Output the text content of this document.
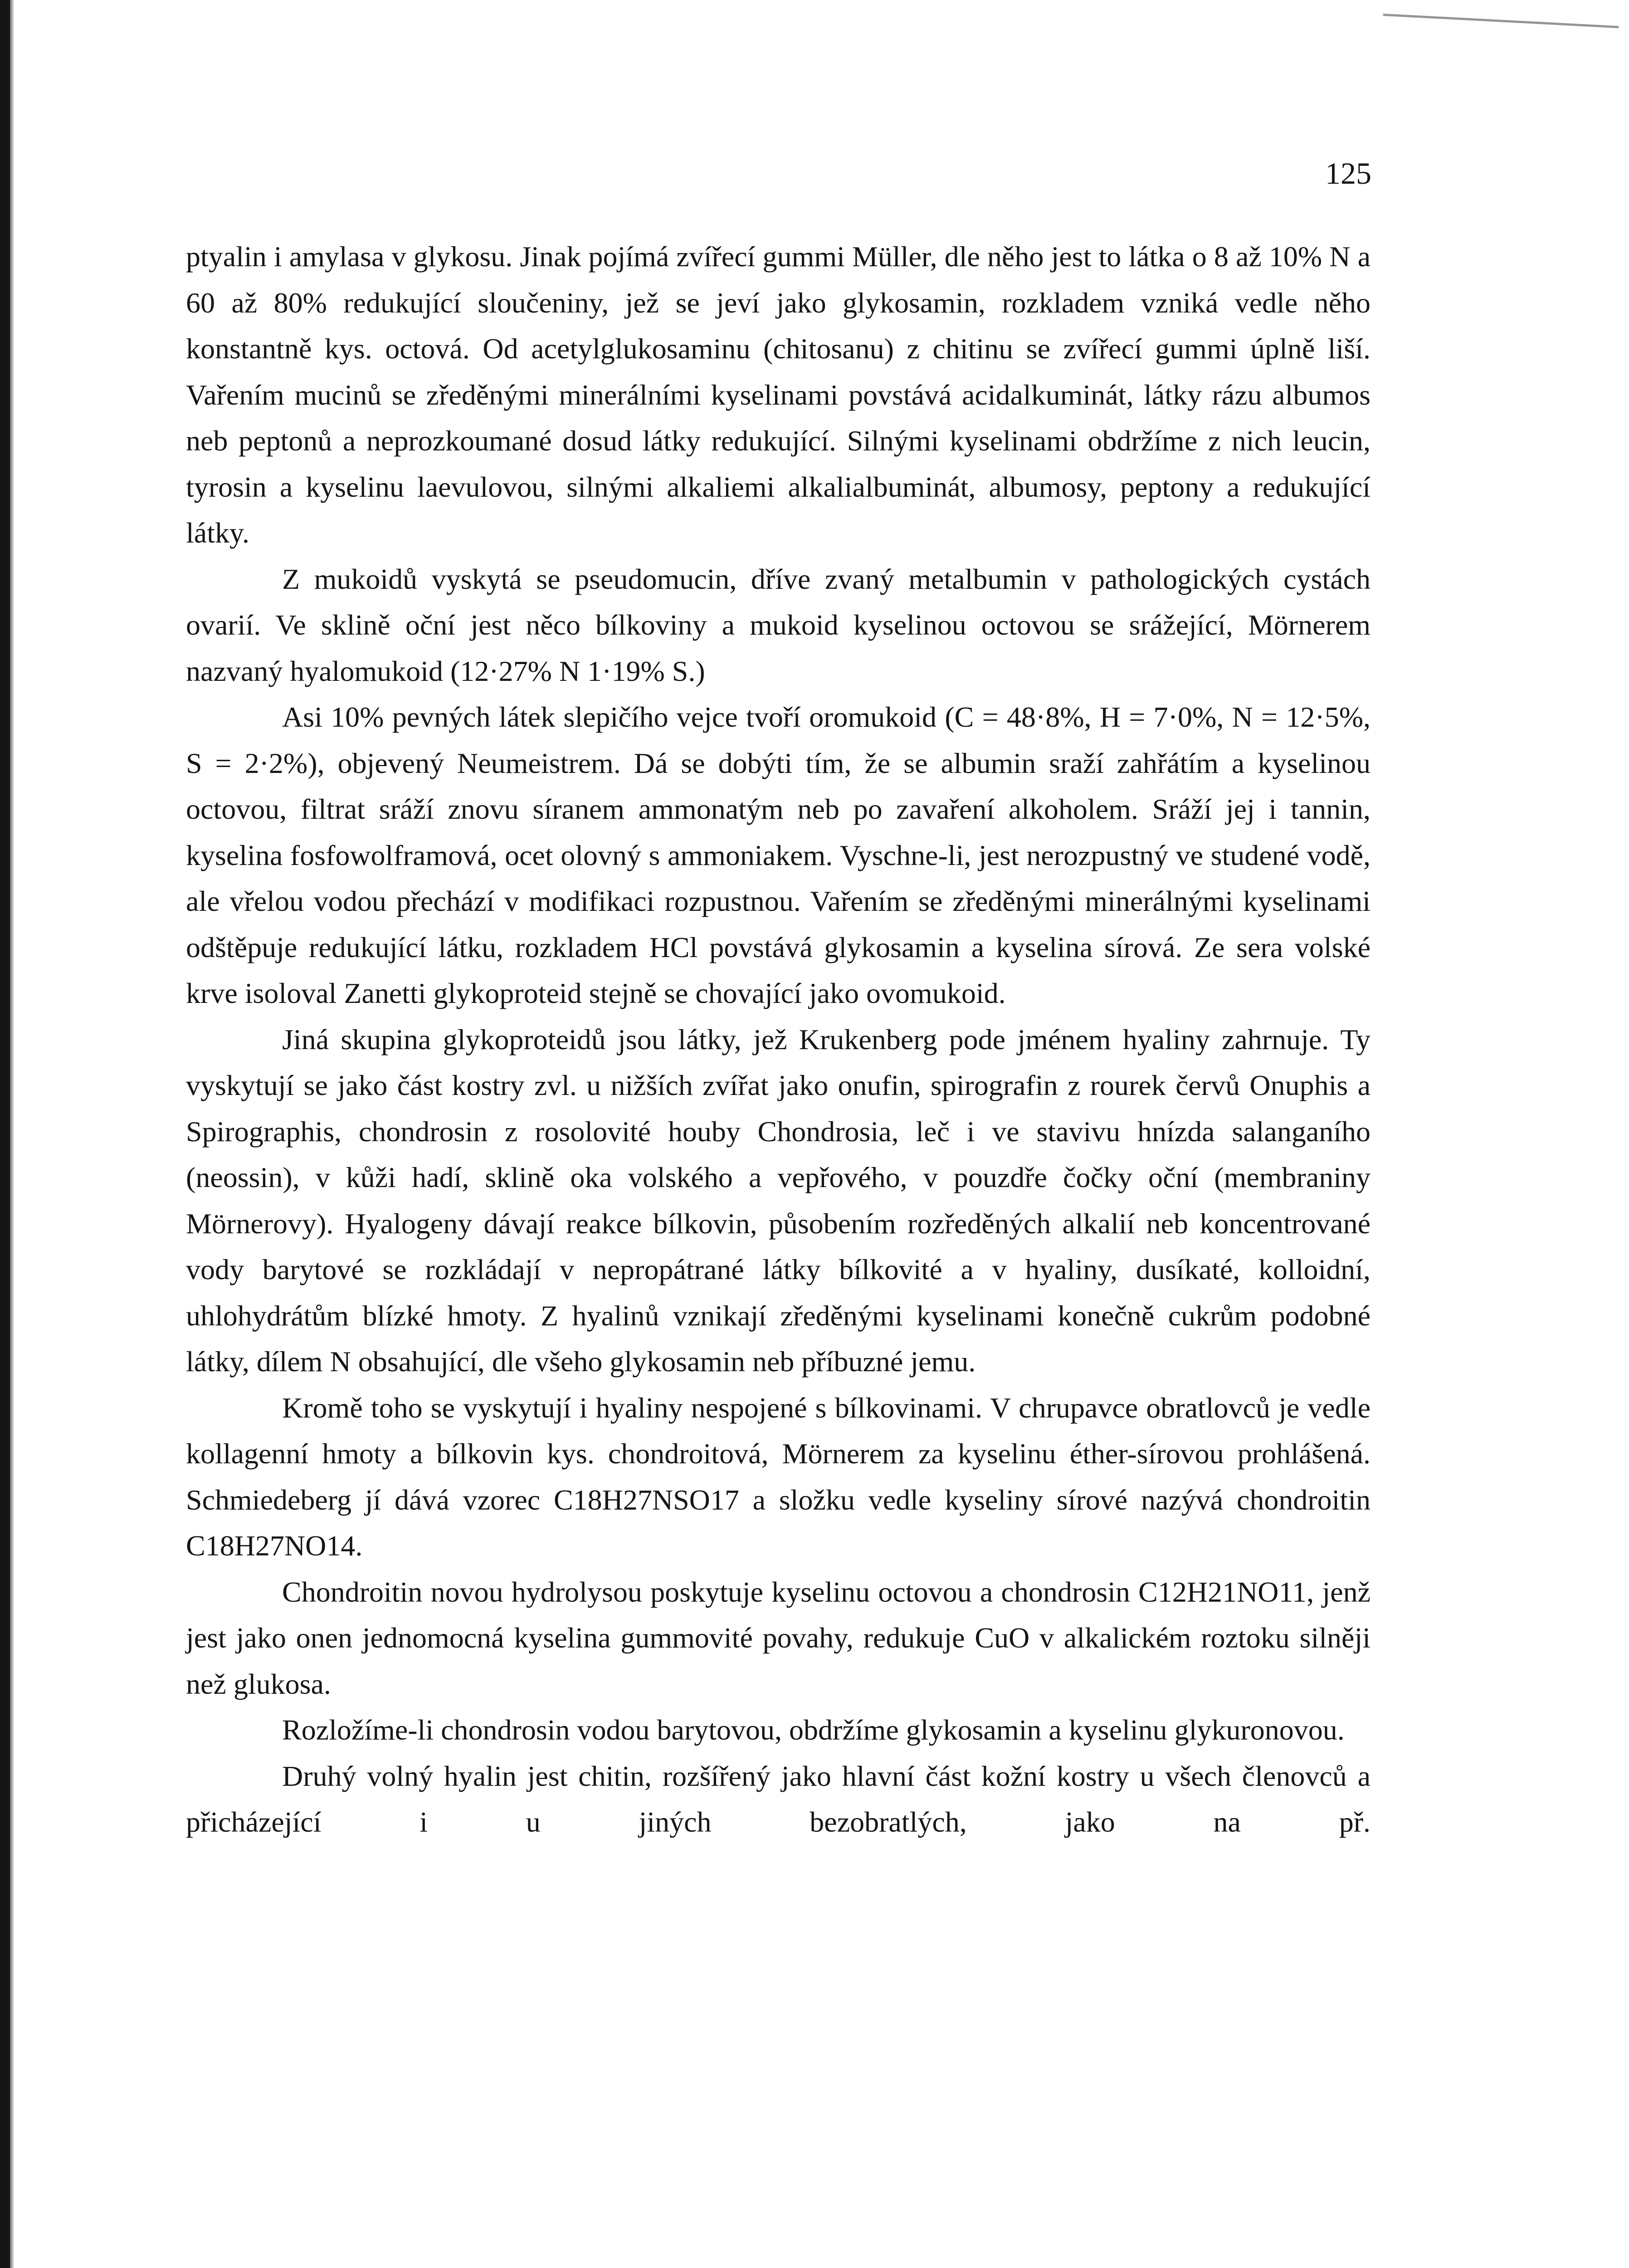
125

ptyalin i amylasa v glykosu. Jinak pojímá zvířecí gummi Müller, dle něho jest to látka o 8 až 10% N a 60 až 80% redukující sloučeniny, jež se jeví jako glykosamin, rozkladem vzniká vedle něho konstantně kys. octová. Od acetylglukosaminu (chitosanu) z chitinu se zvířecí gummi úplně liší. Vařením mucinů se zředěnými minerálními kyselinami povstává acidalkuminát, látky rázu albumos neb peptonů a neprozkoumané dosud látky redukující. Silnými kyselinami obdržíme z nich leucin, tyrosin a kyselinu laevulovou, silnými alkaliemi alkalialbuminát, albumosy, peptony a redukující látky.

Z mukoidů vyskytá se pseudomucin, dříve zvaný metalbumin v pathologických cystách ovarií. Ve sklině oční jest něco bílkoviny a mukoid kyselinou octovou se srážející, Mörnerem nazvaný hyalomukoid (12·27% N 1·19% S.)

Asi 10% pevných látek slepičího vejce tvoří oromukoid (C = 48·8%, H = 7·0%, N = 12·5%, S = 2·2%), objevený Neumeistrem. Dá se dobýti tím, že se albumin sraží zahřátím a kyselinou octovou, filtrat sráží znovu síranem ammonatým neb po zavaření alkoholem. Sráží jej i tannin, kyselina fosfowolframová, ocet olovný s ammoniakem. Vyschne-li, jest nerozpustný ve studené vodě, ale vřelou vodou přechází v modifikaci rozpustnou. Vařením se zředěnými minerálnými kyselinami odštěpuje redukující látku, rozkladem HCl povstává glykosamin a kyselina sírová. Ze sera volské krve isoloval Zanetti glykoproteid stejně se chovající jako ovomukoid.

Jiná skupina glykoproteidů jsou látky, jež Krukenberg pode jménem hyaliny zahrnuje. Ty vyskytují se jako část kostry zvl. u nižších zvířat jako onufin, spirografin z rourek červů Onuphis a Spirographis, chondrosin z rosolovité houby Chondrosia, leč i ve stavivu hnízda salanganího (neossin), v kůži hadí, sklině oka volského a vepřového, v pouzdře čočky oční (membraniny Mörnerovy). Hyalogeny dávají reakce bílkovin, působením rozředěných alkalií neb koncentrované vody barytové se rozkládají v nepropátrané látky bílkovité a v hyaliny, dusíkaté, kolloidní, uhlohydrátům blízké hmoty. Z hyalinů vznikají zředěnými kyselinami konečně cukrům podobné látky, dílem N obsahující, dle všeho glykosamin neb příbuzné jemu.

Kromě toho se vyskytují i hyaliny nespojené s bílkovinami. V chrupavce obratlovců je vedle kollagenní hmoty a bílkovin kys. chondroitová, Mörnerem za kyselinu éther-sírovou prohlášená. Schmiedeberg jí dává vzorec C18H27NSO17 a složku vedle kyseliny sírové nazývá chondroitin C18H27NO14.

Chondroitin novou hydrolysou poskytuje kyselinu octovou a chondrosin C12H21NO11, jenž jest jako onen jednomocná kyselina gummovité povahy, redukuje CuO v alkalickém roztoku silněji než glukosa.

Rozložíme-li chondrosin vodou barytovou, obdržíme glykosamin a kyselinu glykuronovou.

Druhý volný hyalin jest chitin, rozšířený jako hlavní část kožní kostry u všech členovců a přicházející i u jiných bezobratlých, jako na př.
